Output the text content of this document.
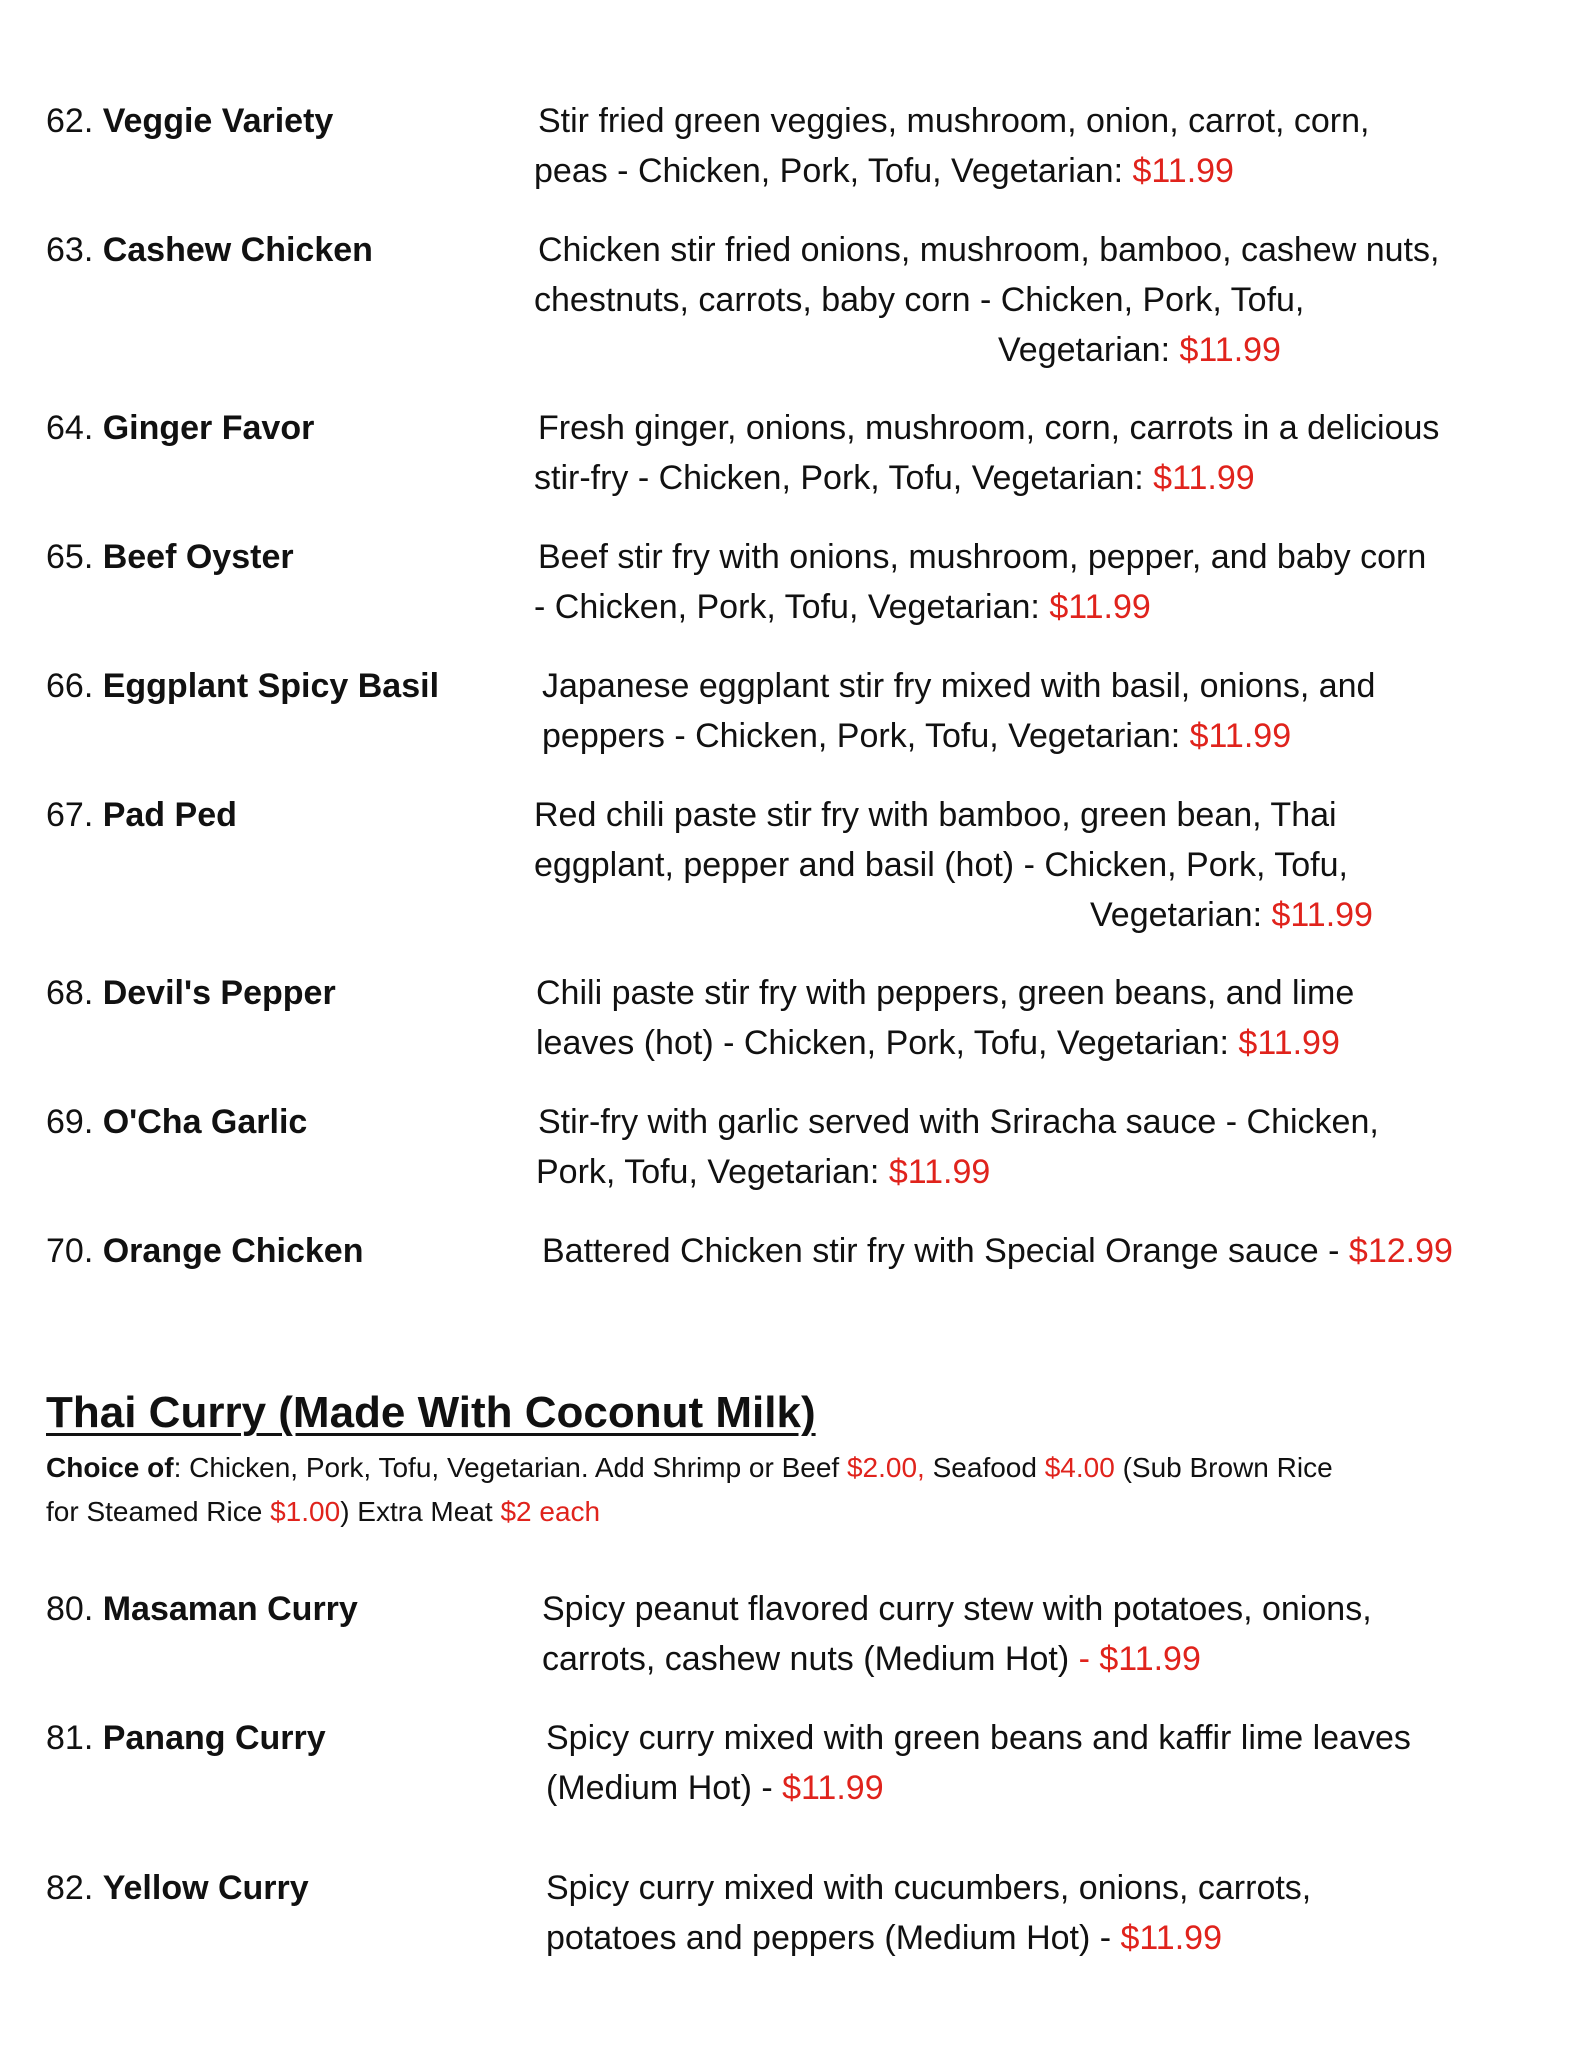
62. Veggie Variety	Stir fried green veggies, mushroom, onion, carrot, corn,
peas - Chicken, Pork, Tofu, Vegetarian: $11.99
63. Cashew Chicken	Chicken stir fried onions, mushroom, bamboo, cashew nuts,
chestnuts, carrots, baby corn - Chicken, Pork, Tofu,
Vegetarian: $11.99
64. Ginger Favor	Fresh ginger, onions, mushroom, corn, carrots in a delicious
stir-fry - Chicken, Pork, Tofu, Vegetarian: $11.99
65. Beef Oyster	Beef stir fry with onions, mushroom, pepper, and baby corn
- Chicken, Pork, Tofu, Vegetarian: $11.99
66. Eggplant Spicy Basil	Japanese eggplant stir fry mixed with basil, onions, and
peppers - Chicken, Pork, Tofu, Vegetarian: $11.99
67. Pad Ped	Red chili paste stir fry with bamboo, green bean, Thai
eggplant, pepper and basil (hot) - Chicken, Pork, Tofu,
Vegetarian: $11.99
68. Devil's Pepper	Chili paste stir fry with peppers, green beans, and lime
leaves (hot) - Chicken, Pork, Tofu, Vegetarian: $11.99
69. O'Cha Garlic	Stir-fry with garlic served with Sriracha sauce - Chicken,
Pork, Tofu, Vegetarian: $11.99
70. Orange Chicken	Battered Chicken stir fry with Special Orange sauce - $12.99
Thai Curry (Made With Coconut Milk)
Choice of: Chicken, Pork, Tofu, Vegetarian. Add Shrimp or Beef $2.00, Seafood $4.00 (Sub Brown Rice
for Steamed Rice $1.00) Extra Meat $2 each
80. Masaman Curry	Spicy peanut flavored curry stew with potatoes, onions,
carrots, cashew nuts (Medium Hot) - $11.99
81. Panang Curry	Spicy curry mixed with green beans and kaffir lime leaves
(Medium Hot) - $11.99
82. Yellow Curry	Spicy curry mixed with cucumbers, onions, carrots,
potatoes and peppers (Medium Hot) - $11.99
